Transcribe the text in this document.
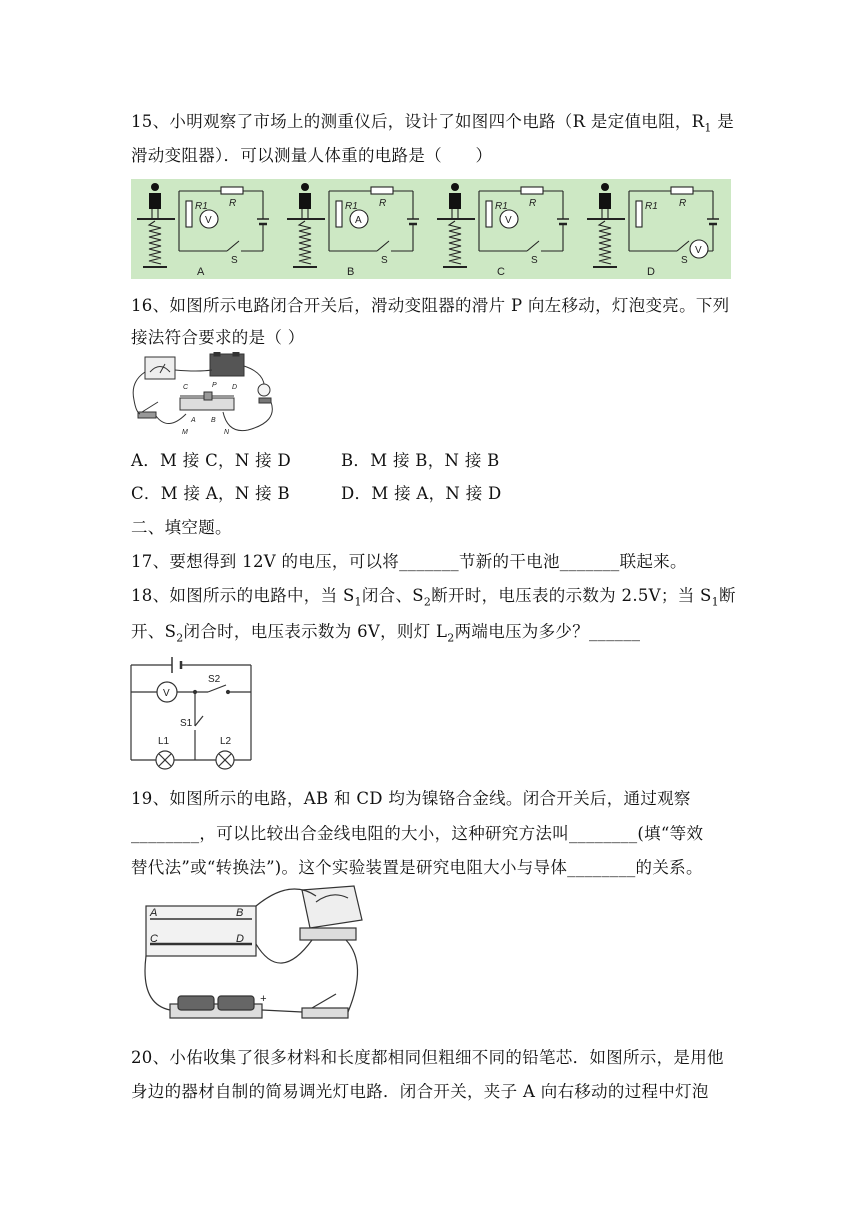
15、小明观察了市场上的测重仪后，设计了如图四个电路（R 是定值电阻，$R_1$ 是
滑动变阻器）．可以测量人体重的电路是（　　）
V
R1 R
S
A
A
R1 R
S
B
V
R1 R
S
C
V
R1 R
S
D
16、如图所示电路闭合开关后，滑动变阻器的滑片 P 向左移动，灯泡变亮。下列
接法符合要求的是（ ）
C	P D
A B
M	N
A．M 接 C，N 接 D	B．M 接 B，N 接 B
C．M 接 A，N 接 B	D．M 接 A，N 接 D
二、填空题。
17、要想得到 12V 的电压，可以将_______节新的干电池_______联起来。
18、如图所示的电路中，当 $S_1$闭合、$S_2$断开时，电压表的示数为 2.5V；当 $S_1$断
开、$S_2$闭合时，电压表示数为 6V，则灯 $L_2$两端电压为多少？______
V
S2
S1
L1	L2
19、如图所示的电路，AB 和 CD 均为镍铬合金线。闭合开关后，通过观察
________，可以比较出合金线电阻的大小，这种研究方法叫________(填“等效
替代法”或“转换法”)。这个实验装置是研究电阻大小与导体________的关系。
A	B
C	D
+
20、小佑收集了很多材料和长度都相同但粗细不同的铅笔芯．如图所示，是用他
身边的器材自制的简易调光灯电路．闭合开关，夹子 A 向右移动的过程中灯泡
